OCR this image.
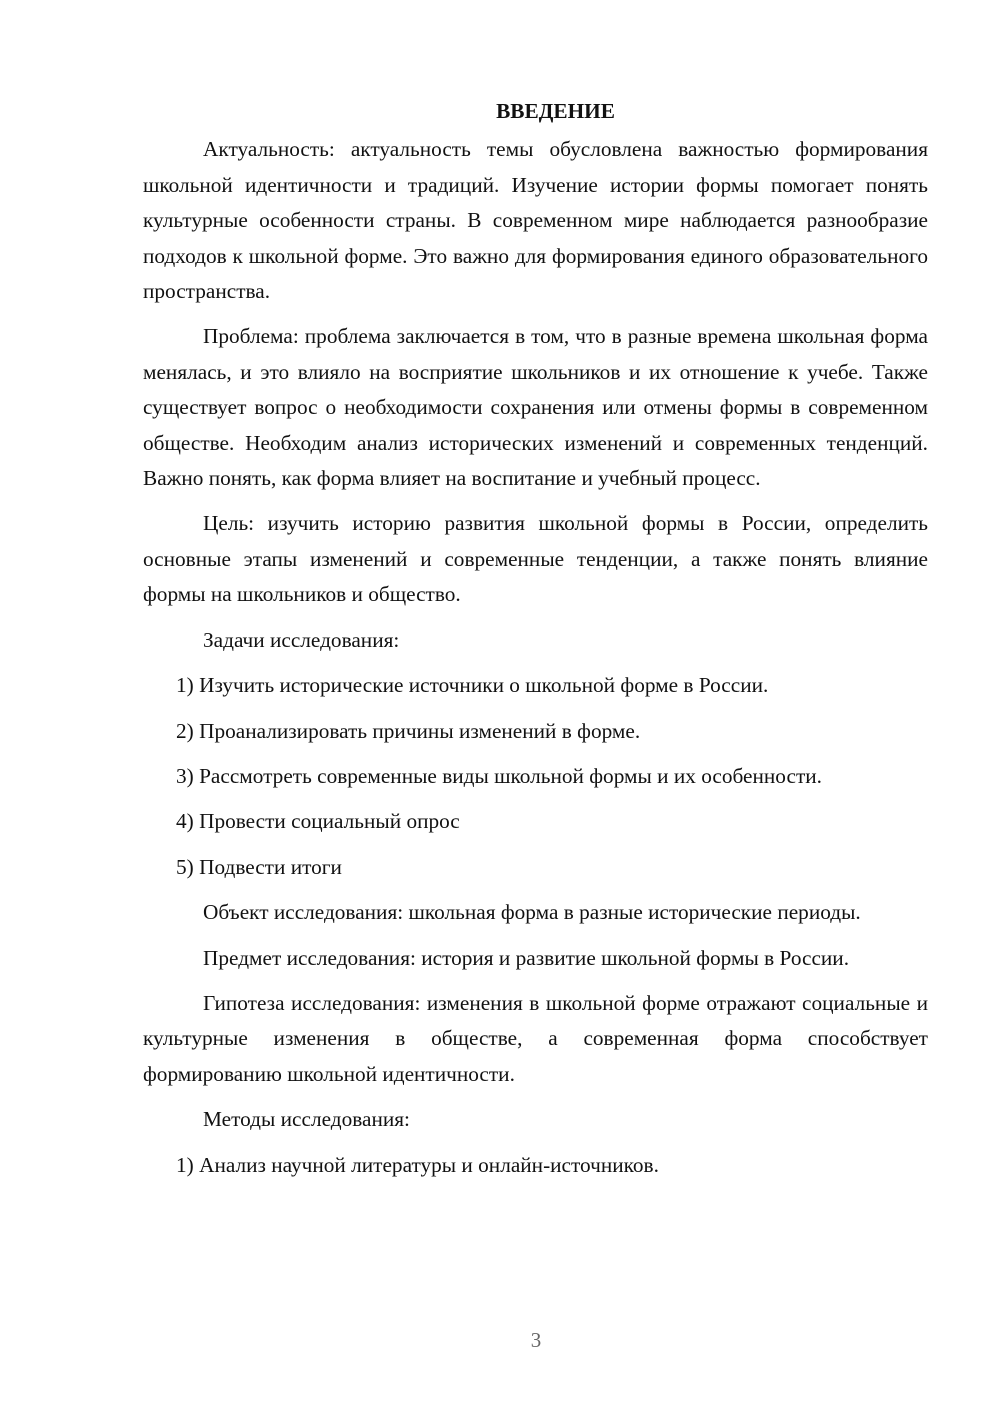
ВВЕДЕНИЕ

Актуальность: актуальность темы обусловлена важностью формирования школьной идентичности и традиций. Изучение истории формы помогает понять культурные особенности страны. В современном мире наблюдается разнообразие подходов к школьной форме. Это важно для формирования единого образовательного пространства.

Проблема: проблема заключается в том, что в разные времена школьная форма менялась, и это влияло на восприятие школьников и их отношение к учебе. Также существует вопрос о необходимости сохранения или отмены формы в современном обществе. Необходим анализ исторических изменений и современных тенденций. Важно понять, как форма влияет на воспитание и учебный процесс.

Цель: изучить историю развития школьной формы в России, определить основные этапы изменений и современные тенденции, а также понять влияние формы на школьников и общество.

Задачи исследования:

1) Изучить исторические источники о школьной форме в России.
2) Проанализировать причины изменений в форме.
3) Рассмотреть современные виды школьной формы и их особенности.
4) Провести социальный опрос
5) Подвести итоги

Объект исследования: школьная форма в разные исторические периоды.

Предмет исследования: история и развитие школьной формы в России.

Гипотеза исследования: изменения в школьной форме отражают социальные и культурные изменения в обществе, а современная форма способствует формированию школьной идентичности.

Методы исследования:

1) Анализ научной литературы и онлайн-источников.
3
